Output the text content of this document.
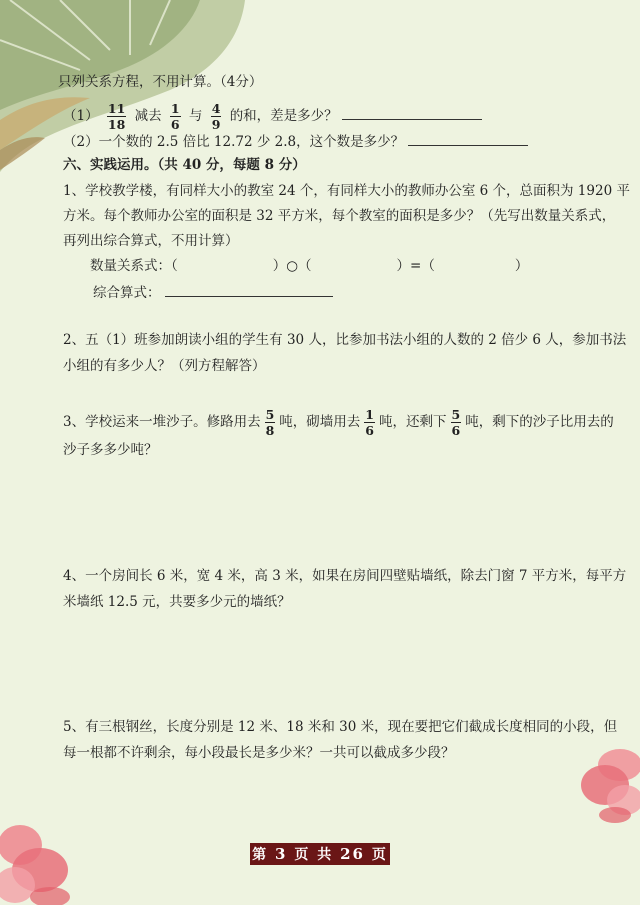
只列关系方程，不用计算。（4分）
$(1) \frac{11}{18}$ 减去 $\frac{1}{6}$ 与 $\frac{4}{9}$ 的和，差是多少？
（2）一个数的 2.5 倍比 12.72 少 2.8，这个数是多少？
六、实践运用。（共 40 分，每题 8 分）
1、学校教学楼，有同样大小的教室 24 个，有同样大小的教师办公室 6 个，总面积为 1920 平
方米。每个教师办公室的面积是 32 平方米，每个教室的面积是多少？（先写出数量关系式，
再列出综合算式，不用计算）
数量关系式：（	）○（	）=（	）
综合算式：
2、五（1）班参加朗读小组的学生有 30 人，比参加书法小组的人数的 2 倍少 6 人，参加书法
小组的有多少人？（列方程解答）
3、学校运来一堆沙子。修路用去 $\frac{5}{8}$ 吨，砌墙用去 $\frac{1}{6}$ 吨，还剩下 $\frac{5}{6}$ 吨，剩下的沙子比用去的
沙子多多少吨？
4、一个房间长 6 米，宽 4 米，高 3 米，如果在房间四壁贴墙纸，除去门窗 7 平方米，每平方
米墙纸 12.5 元，共要多少元的墙纸？
5、有三根钢丝，长度分别是 12 米、18 米和 30 米，现在要把它们截成长度相同的小段，但
每一根都不许剩余，每小段最长是多少米？一共可以截成多少段？
第 3 页 共 26 页
